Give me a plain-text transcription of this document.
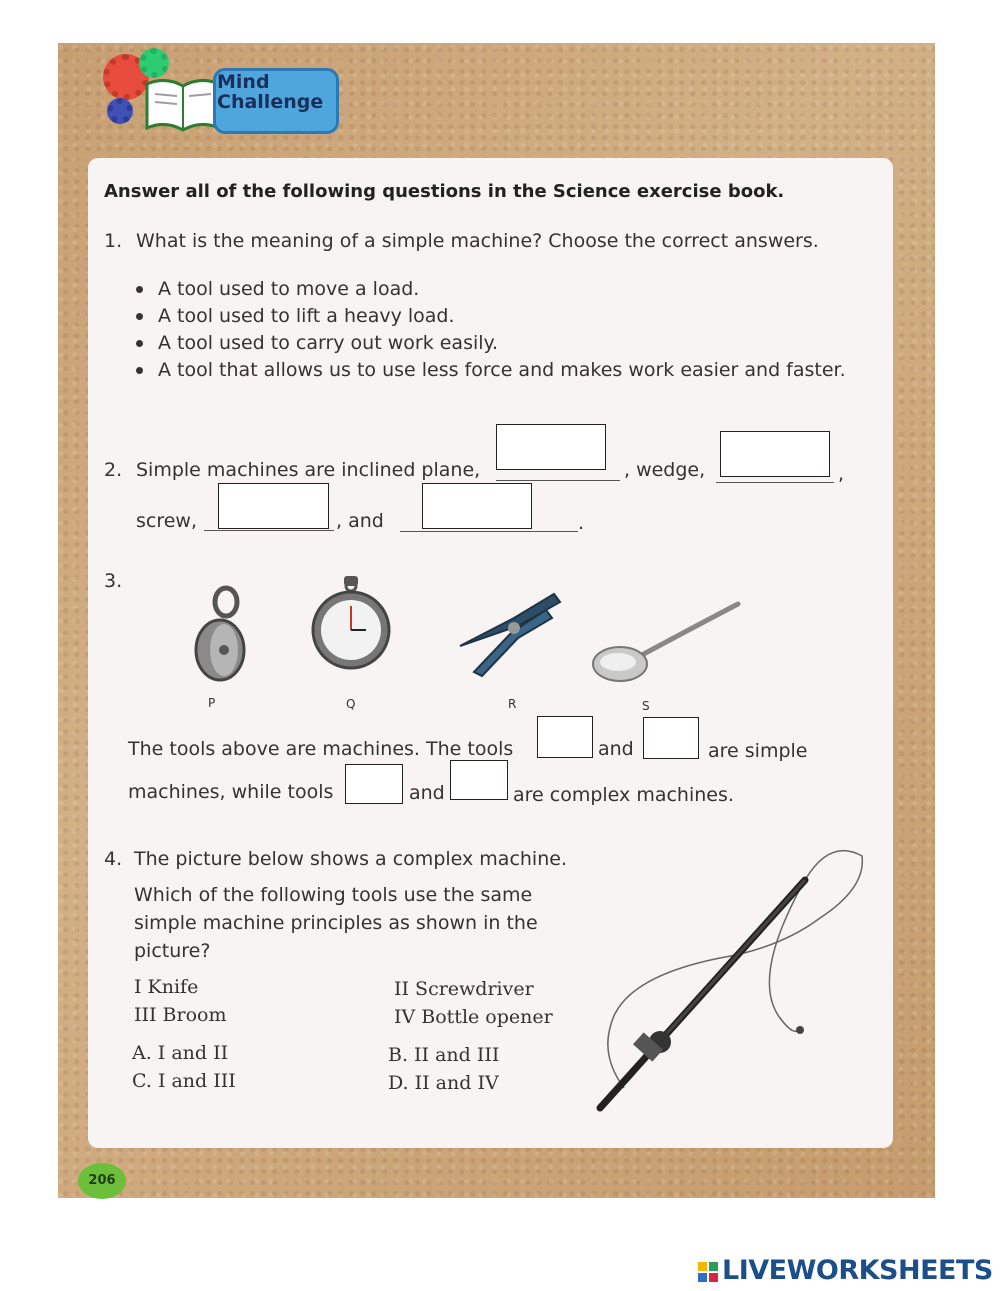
Mind
Challenge
Answer all of the following questions in the Science exercise book.
1. What is the meaning of a simple machine? Choose the correct answers.
A tool used to move a load.
A tool used to lift a heavy load.
A tool used to carry out work easily.
A tool that allows us to use less force and makes work easier and faster.
2. Simple machines are inclined plane,	, wedge,	,
screw,	, and	.
3.
P	Q	R	S
The tools above are machines. The tools	and	are simple
machines, while tools	and	are complex machines.
4. The picture below shows a complex machine.
Which of the following tools use the same
simple machine principles as shown in the
picture?
I Knife	II Screwdriver
III Broom	IV Bottle opener
A. I and II	B. II and III
C. I and III	D. II and IV
206
LIVEWORKSHEETS
